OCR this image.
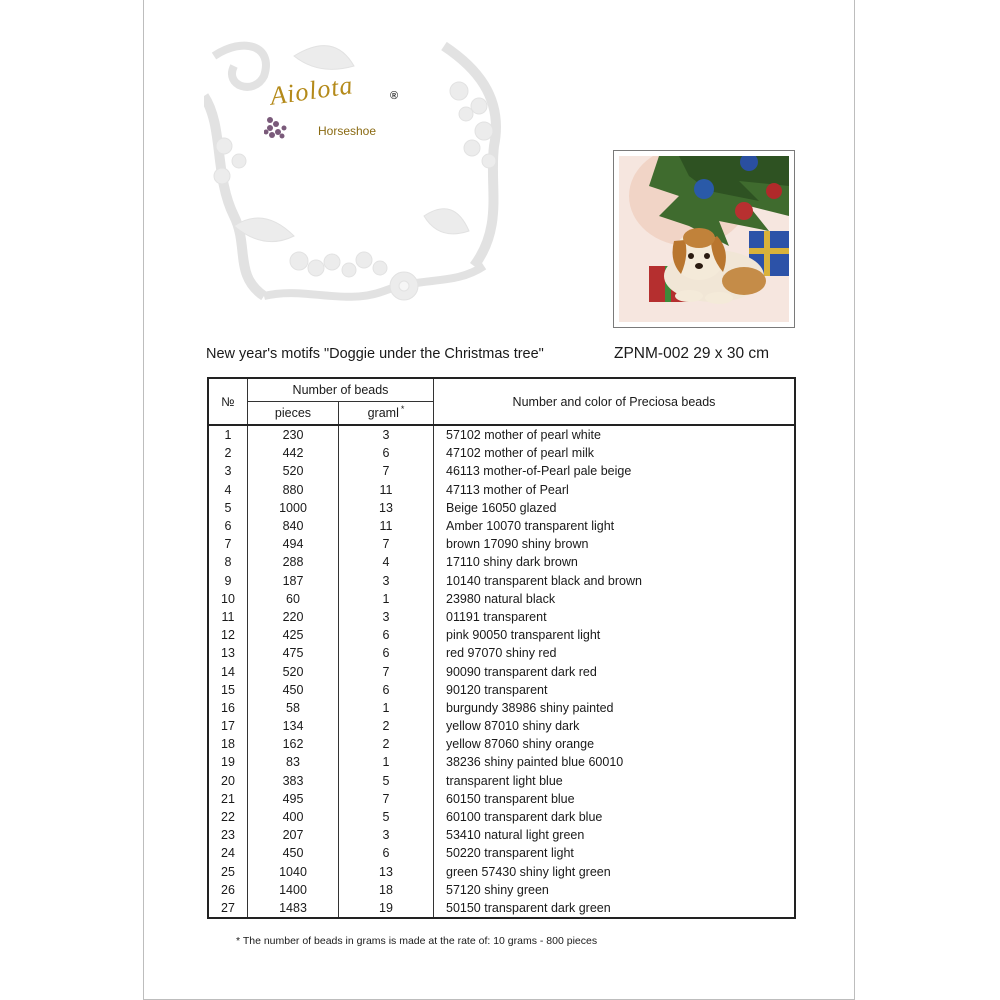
Aiolota	®
Horseshoe
New year's motifs "Doggie under the Christmas tree"	ZPNM-002 29 x 30 cm
№	Number of beads		Number and color of Preciosa beads
	pieces	graml *
1	230	3	57102 mother of pearl white
2	442	6	47102 mother of pearl milk
3	520	7	46113 mother-of-Pearl pale beige
4	880	11	47113 mother of Pearl
5	1000	13	Beige 16050 glazed
6	840	11	Amber 10070 transparent light
7	494	7	brown 17090 shiny brown
8	288	4	17110 shiny dark brown
9	187	3	10140 transparent black and brown
10	60	1	23980 natural black
11	220	3	01191 transparent
12	425	6	pink 90050 transparent light
13	475	6	red 97070 shiny red
14	520	7	90090 transparent dark red
15	450	6	90120 transparent
16	58	1	burgundy 38986 shiny painted
17	134	2	yellow 87010 shiny dark
18	162	2	yellow 87060 shiny orange
19	83	1	38236 shiny painted blue 60010
20	383	5	transparent light blue
21	495	7	60150 transparent blue
22	400	5	60100 transparent dark blue
23	207	3	53410 natural light green
24	450	6	50220 transparent light
25	1040	13	green 57430 shiny light green
26	1400	18	57120 shiny green
27	1483	19	50150 transparent dark green
* The number of beads in grams is made at the rate of: 10 grams - 800 pieces
